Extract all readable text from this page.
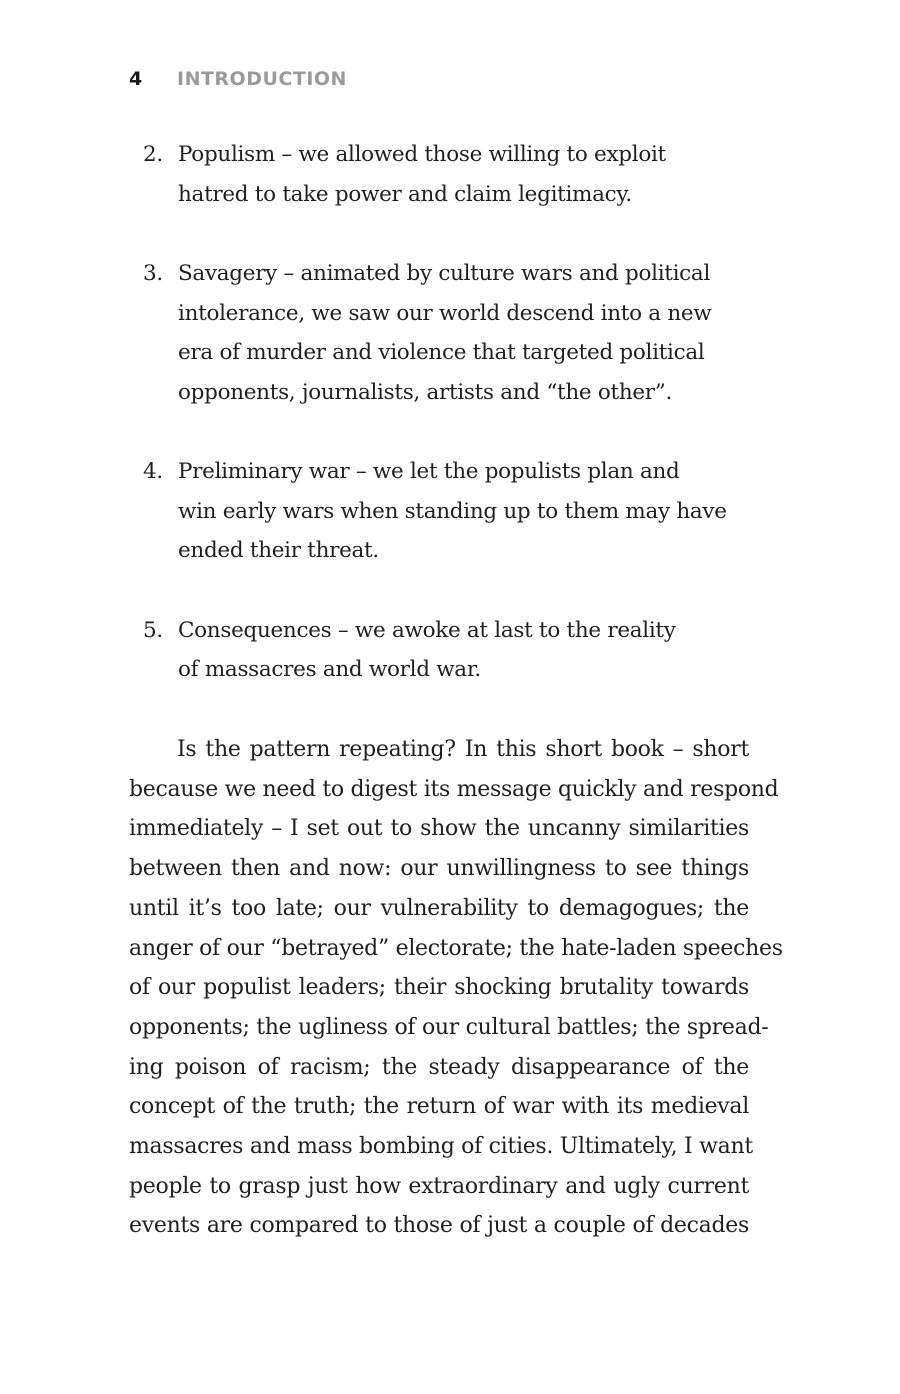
4 INTRODUCTION
2. Populism – we allowed those willing to exploit
hatred to take power and claim legitimacy.
3. Savagery – animated by culture wars and political
intolerance, we saw our world descend into a new
era of murder and violence that targeted political
opponents, journalists, artists and “the other”.
4. Preliminary war – we let the populists plan and
win early wars when standing up to them may have
ended their threat.
5. Consequences – we awoke at last to the reality
of massacres and world war.
Is the pattern repeating? In this short book – short
because we need to digest its message quickly and respond
immediately – I set out to show the uncanny similarities
between then and now: our unwillingness to see things
until it’s too late; our vulnerability to demagogues; the
anger of our “betrayed” electorate; the hate-laden speeches
of our populist leaders; their shocking brutality towards
opponents; the ugliness of our cultural battles; the spread-
ing poison of racism; the steady disappearance of the
concept of the truth; the return of war with its medieval
massacres and mass bombing of cities. Ultimately, I want
people to grasp just how extraordinary and ugly current
events are compared to those of just a couple of decades
